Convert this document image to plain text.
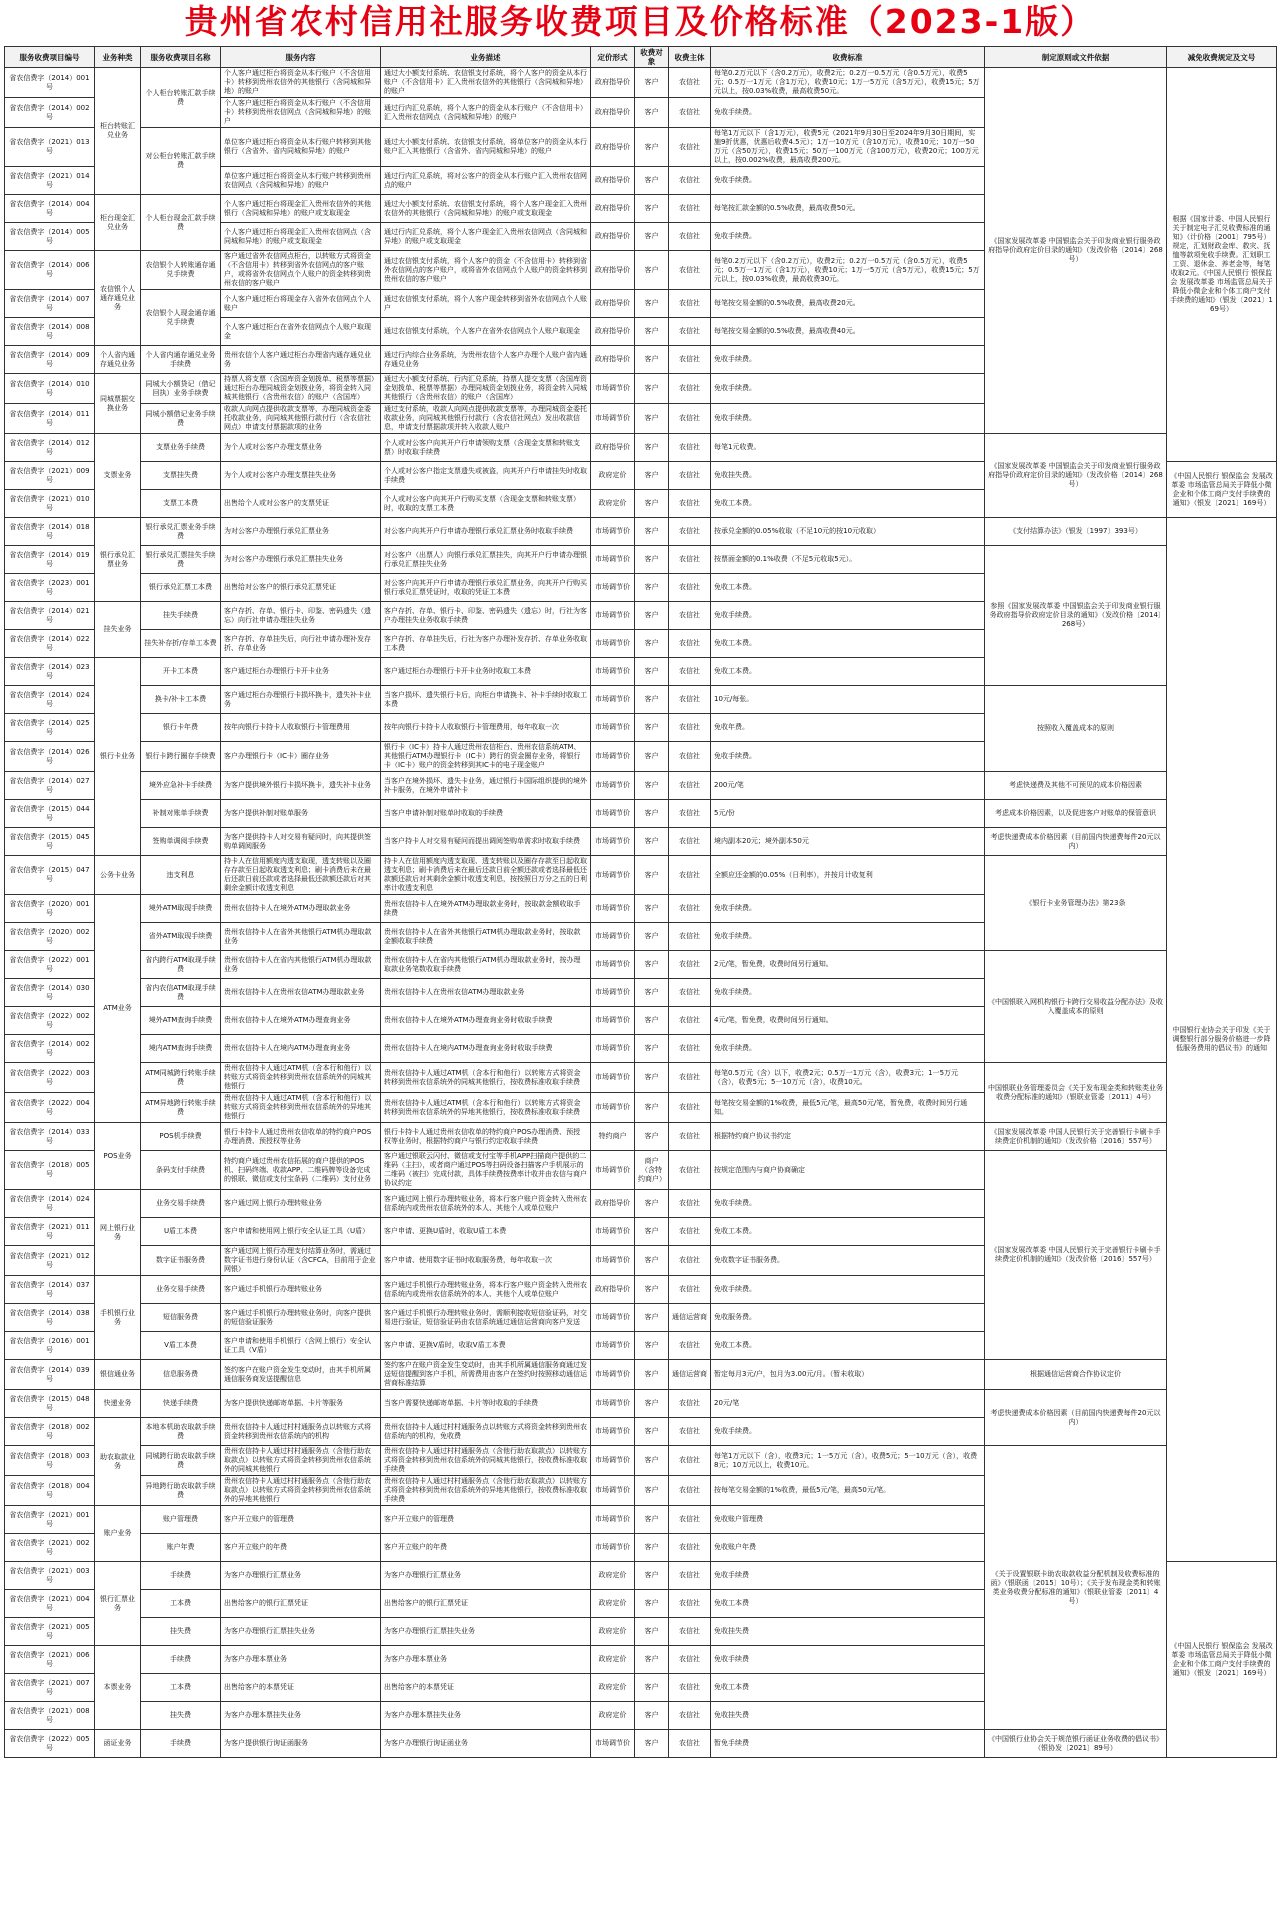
贵州省农村信用社服务收费项目及价格标准（2023-1版）
服务收费项目编号	业务种类	服务收费项目名称	服务内容	业务描述	定价形式	收费对象	收费主体	收费标准	制定原则或文件依据	减免收费规定及文号
省农信费字（2014）001号	柜台转账汇兑业务	个人柜台转账汇款手续费	个人客户通过柜台将资金从本行账户（不含信用卡）转移到贵州农信外的其他银行（含同城和异地）的账户	通过大小额支付系统、农信银支付系统，将个人客户的资金从本行账户（不含信用卡）汇入贵州农信外的其他银行（含同城和异地）的账户	政府指导价	客户	农信社	每笔0.2万元以下（含0.2万元），收费2元；0.2万一0.5万元（含0.5万元），收费5元；0.5万一1万元（含1万元），收费10元；1万一5万元（含5万元），收费15元；5万元以上，按0.03%收费，最高收费50元。	《国家发展改革委 中国银监会关于印发商业银行服务政府指导价政府定价目录的通知》（发改价格〔2014〕268号）	根据《国家计委、中国人民银行关于制定电子汇兑收费标准的通知》（计价格〔2001〕795号）规定，汇划财政金库、救灾、抚恤等款项免收手续费。汇划职工工资、退休金、养老金等，每笔收取2元。《中国人民银行 银保监会 发展改革委 市场监管总局关于降低小微企业和个体工商户支付手续费的通知》（银发〔2021〕169号）
省农信费字（2014）002号			个人客户通过柜台将资金从本行账户（不含信用卡）转移到贵州农信网点（含同城和异地）的账户	通过行内汇兑系统，将个人客户的资金从本行账户（不含信用卡）汇入贵州农信网点（含同城和异地）的账户	政府指导价	客户	农信社	免收手续费。		
省农信费字（2021）013号		对公柜台转账汇款手续费	单位客户通过柜台将资金从本行账户转移到其他银行（含省外、省内同城和异地）的账户	通过大小额支付系统、农信银支付系统，将单位客户的资金从本行账户汇入其他银行（含省外、省内同城和异地）的账户	政府指导价	客户	农信社	每笔1万元以下（含1万元），收费5元（2021年9月30日至2024年9月30日期间，实施9折优惠，优惠后收费4.5元）；1万一10万元（含10万元），收费10元；10万一50万元（含50万元），收费15元；50万一100万元（含100万元），收费20元；100万元以上，按0.002%收费，最高收费200元。		
省农信费字（2021）014号			单位客户通过柜台将资金从本行账户转移到贵州农信网点（含同城和异地）的账户	通过行内汇兑系统，将对公客户的资金从本行账户汇入贵州农信网点的账户	政府指导价	客户	农信社	免收手续费。		
省农信费字（2014）004号	柜台现金汇兑业务	个人柜台现金汇款手续费	个人客户通过柜台将现金汇入贵州农信外的其他银行（含同城和异地）的账户或支取现金	通过大小额支付系统、农信银支付系统，将个人客户现金汇入贵州农信外的其他银行（含同城和异地）的账户或支取现金	政府指导价	客户	农信社	每笔按汇款金额的0.5%收费，最高收费50元。		
省农信费字（2014）005号			个人客户通过柜台将现金汇入贵州农信网点（含同城和异地）的账户或支取现金	通过行内汇兑系统，将个人客户现金汇入贵州农信网点（含同城和异地）的账户或支取现金	政府指导价	客户	农信社	免收手续费。		
省农信费字（2014）006号	农信银个人通存通兑业务	农信银个人转账通存通兑手续费	客户通过省外农信网点柜台，以转账方式将资金（不含信用卡）转移到省外农信网点的客户账户，或将省外农信网点个人账户的资金转移到贵州农信的客户账户	通过农信银支付系统，将个人客户的资金（不含信用卡）转移到省外农信网点的客户账户，或将省外农信网点个人账户的资金转移到贵州农信的客户账户	政府指导价	客户	农信社	每笔0.2万元以下（含0.2万元），收费2元；0.2万一0.5万元（含0.5万元），收费5元；0.5万一1万元（含1万元），收费10元；1万一5万元（含5万元），收费15元；5万元以上，按0.03%收费，最高收费30元。		
省农信费字（2014）007号		农信银个人现金通存通兑手续费	个人客户通过柜台将现金存入省外农信网点个人账户	通过农信银支付系统，将个人客户现金转移到省外农信网点个人账户	政府指导价	客户	农信社	每笔按交易金额的0.5%收费，最高收费20元。		
省农信费字（2014）008号			个人客户通过柜台在省外农信网点个人账户取现金	通过农信银支付系统，个人客户在省外农信网点个人账户取现金	政府指导价	客户	农信社	每笔按交易金额的0.5%收费，最高收费40元。		
省农信费字（2014）009号	个人省内通存通兑业务	个人省内通存通兑业务手续费	贵州农信个人客户通过柜台办理省内通存通兑业务	通过行内综合业务系统，为贵州农信个人客户办理个人账户省内通存通兑业务	政府指导价	客户	农信社	免收手续费。		
省农信费字（2014）010号	同城票据交换业务	同城大小额贷记（借记回执）业务手续费	持票人将支票（含国库资金划拨单、税票等票据）通过柜台办理同城资金划拨业务，将资金转入同城其他银行（含贵州农信）的账户（含国库）	通过大小额支付系统、行内汇兑系统，持票人提交支票（含国库资金划拨单、税票等票据）办理同城资金划拨业务，将资金转入同城其他银行（含贵州农信）的账户（含国库）	市场调节价	客户	农信社	免收手续费。		
省农信费字（2014）011号		同城小额借记业务手续费	收款人向网点提供收款支票等，办理同城资金委托收款业务，向同城其他银行款付行（含农信社网点）申请支付票据款项的业务	通过支付系统，收款人向网点提供收款支票等，办理同城资金委托收款业务，向同城其他银行付款行（含农信社网点）发出收款信息，申请支付票据款项并转入收款人账户	市场调节价	客户	农信社	免收手续费。		
省农信费字（2014）012号	支票业务	支票业务手续费	为个人或对公客户办理支票业务	个人或对公客户向其开户行申请领购支票（含现金支票和转账支票）时收取手续费	政府指导价	客户	农信社	每笔1元收费。	《国家发展改革委 中国银监会关于印发商业银行服务政府指导价政府定价目录的通知》（发改价格〔2014〕268号）	
省农信费字（2021）009号		支票挂失费	为个人或对公客户办理支票挂失业务	个人或对公客户指定支票遗失或被盗，向其开户行申请挂失时收取手续费	政府定价	客户	农信社	免收挂失费。		《中国人民银行 银保监会 发展改革委 市场监管总局关于降低小微企业和个体工商户支付手续费的通知》（银发〔2021〕169号）
省农信费字（2021）010号		支票工本费	出售给个人或对公客户的支票凭证	个人或对公客户向其开户行购买支票（含现金支票和转账支票）时，收取的支票工本费	政府定价	客户	农信社	免收工本费。		
省农信费字（2014）018号	银行承兑汇票业务	银行承兑汇票业务手续费	为对公客户办理银行承兑汇票业务	对公客户向其开户行申请办理银行承兑汇票业务时收取手续费	市场调节价	客户	农信社	按承兑金额的0.05%收取（不足10元的按10元收取）	《支付结算办法》（银发〔1997〕393号）	中国银行业协会关于印发《关于调整银行部分服务价格进一步降低服务费用的倡议书》的通知
省农信费字（2014）019号		银行承兑汇票挂失手续费	为对公客户办理银行承兑汇票挂失业务	对公客户（出票人）向银行承兑汇票挂失，向其开户行申请办理银行承兑汇票挂失业务	市场调节价	客户	农信社	按票面金额的0.1%收费（不足5元收取5元）。	参照《国家发展改革委 中国银监会关于印发商业银行服务政府指导价政府定价目录的通知》（发改价格〔2014〕268号）	
省农信费字（2023）001号		银行承兑汇票工本费	出售给对公客户的银行承兑汇票凭证	对公客户向其开户行申请办理银行承兑汇票业务，向其开户行购买银行承兑汇票凭证时，收取的凭证工本费	市场调节价	客户	农信社	免收工本费。		
省农信费字（2014）021号	挂失业务	挂失手续费	客户存折、存单、银行卡、印鉴、密码遗失（遗忘）向行社申请办理挂失业务	客户存折、存单、银行卡、印鉴、密码遗失（遗忘）时，行社为客户办理挂失业务收取手续费	市场调节价	客户	农信社	免收手续费。		
省农信费字（2014）022号		挂失补存折/存单工本费	客户存折、存单挂失后，向行社申请办理补发存折、存单业务	客户存折、存单挂失后，行社为客户办理补发存折、存单业务收取工本费	市场调节价	客户	农信社	免收工本费。		
省农信费字（2014）023号	银行卡业务	开卡工本费	客户通过柜台办理银行卡开卡业务	客户通过柜台办理银行卡开卡业务时收取工本费	市场调节价	客户	农信社	免收工本费。		
省农信费字（2014）024号		换卡/补卡工本费	客户通过柜台办理银行卡损坏换卡，遗失补卡业务	当客户损坏、遗失银行卡后，向柜台申请换卡、补卡手续时收取工本费	市场调节价	客户	农信社	10元/每张。	按照收入覆盖成本的原则	
省农信费字（2014）025号		银行卡年费	按年向银行卡持卡人收取银行卡管理费用	按年向银行卡持卡人收取银行卡管理费用，每年收取一次	市场调节价	客户	农信社	免收年费。		
省农信费字（2014）026号		银行卡跨行圈存手续费	客户办理银行卡（IC卡）圈存业务	银行卡（IC卡）持卡人通过贵州农信柜台、贵州农信系统ATM、其他银行ATM办理银行卡（IC卡）跨行的资金圈存业务，将银行卡（IC卡）账户的资金转移到其IC卡的电子现金账户	市场调节价	客户	农信社	免收手续费。		
省农信费字（2014）027号		境外应急补卡手续费	为客户提供境外银行卡损坏换卡，遗失补卡业务	当客户在境外损坏、遗失卡业务，通过银行卡国际组织提供的境外补卡服务，在境外申请补卡	市场调节价	客户	农信社	200元/笔	考虑快递费及其他不可预见的成本价格因素	
省农信费字（2015）044号		补制对账单手续费	为客户提供补制对账单服务	当客户申请补制对账单时收取的手续费	市场调节价	客户	农信社	5元/份	考虑成本价格因素，以及促进客户对账单的保管意识	
省农信费字（2015）045号		签购单调阅手续费	为客户提供持卡人对交易有疑问时，向其提供签购单调阅服务	当客户持卡人对交易有疑问而提出调阅签购单需求时收取手续费	市场调节价	客户	农信社	境内副本20元；境外副本50元	考虑快递费成本价格因素（目前国内快递费每件20元以内）	
省农信费字（2015）047号	公务卡业务	违支利息	持卡人在信用额度内透支取现，透支转账以及圈存存款至日起收取透支利息；刷卡消费后未在最后还款日前还款或者选择最低还款额还款后对其剩余金额计收透支利息	持卡人在信用额度内透支取现、透支转账以及圈存存款至日起收取透支利息；刷卡消费后未在最后还款日前全额还款或者选择最低还款额还款后对其剩余金额计收透支利息，按按照日万分之五的日利率计收透支利息	市场调节价	客户	农信社	全额应还金额的0.05%（日利率），并按月计收复利	《银行卡业务管理办法》第23条	
省农信费字（2020）001号	ATM业务	境外ATM取现手续费	贵州农信持卡人在境外ATM办理取款业务	贵州农信持卡人在境外ATM办理取款业务时，按取款金额收取手续费	市场调节价	客户	农信社	免收手续费。		
省农信费字（2020）002号		省外ATM取现手续费	贵州农信持卡人在省外其他银行ATM机办理取款业务	贵州农信持卡人在省外其他银行ATM机办理取款业务时，按取款金额收取手续费	市场调节价	客户	农信社	免收手续费。		
省农信费字（2022）001号		省内跨行ATM取现手续费	贵州农信持卡人在省内其他银行ATM机办理取款业务	贵州农信持卡人在省内其他银行ATM机办理取款业务时，按办理取款业务笔数收取手续费	市场调节价	客户	农信社	2元/笔，暂免费，收费时间另行通知。	《中国银联入网机构银行卡跨行交易收益分配办法》及收入覆盖成本的原则	
省农信费字（2014）030号		省内农信ATM取现手续费	贵州农信持卡人在贵州农信ATM办理取款业务	贵州农信持卡人在贵州农信ATM办理取款业务	市场调节价	客户	农信社	免收手续费。		
省农信费字（2022）002号		境外ATM查询手续费	贵州农信持卡人在境外ATM办理查询业务	贵州农信持卡人在境外ATM办理查询业务时收取手续费	市场调节价	客户	农信社	4元/笔，暂免费，收费时间另行通知。		
省农信费字（2014）002号		境内ATM查询手续费	贵州农信持卡人在境内ATM办理查询业务	贵州农信持卡人在境内ATM办理查询业务时收取手续费	市场调节价	客户	农信社	免收手续费。		
省农信费字（2022）003号		ATM同城跨行转账手续费	贵州农信持卡人通过ATM机（含本行和他行）以转账方式将资金转移到贵州农信系统外的同城其他银行	贵州农信持卡人通过ATM机（含本行和他行）以转账方式将资金转移到贵州农信系统外的同城其他银行，按收费标准收取手续费	市场调节价	客户	农信社	每笔0.5万元（含）以下，收费2元；0.5万一1万元（含），收费3元；1一5万元（含），收费5元；5一10万元（含），收费10元。	中国银联业务管理委员会《关于发布现金类和转账类业务收费分配标准的通知》（银联业管委〔2011〕4号）	
省农信费字（2022）004号		ATM异地跨行转账手续费	贵州农信持卡人通过ATM机（含本行和他行）以转账方式将资金转移到贵州农信系统外的异地其他银行	贵州农信持卡人通过ATM机（含本行和他行）以转账方式将资金转移到贵州农信系统外的异地其他银行，按收费标准收取手续费	市场调节价	客户	农信社	每笔按交易金额的1%收费，最低5元/笔，最高50元/笔，暂免费，收费时间另行通知。		
省农信费字（2014）033号	POS业务	POS机手续费	银行卡持卡人通过贵州农信收单的特约商户POS办理消费、预授权等业务	银行卡持卡人通过贵州农信收单的特约商户POS办理消费、预授权等业务时，根据特约商户与银行约定收取手续费	特约商户	客户	农信社	根据特约商户协议书约定	《国家发展改革委 中国人民银行关于完善银行卡刷卡手续费定价机制的通知》（发改价格〔2016〕557号）	
省农信费字（2018）005号		条码支付手续费	特约商户通过贵州农信拓展的商户提供的POS机、扫码终端、收款APP、二维码牌等设备完成的银联、微信或支付宝条码（二维码）支付业务	客户通过银联云闪付、微信或支付宝等手机APP扫描商户提供的二维码（主扫），或者商户通过POS等扫码设备扫描客户手机展示的二维码（被扫）完成付款，具体手续费按费率计收并由农信与商户协议约定	市场调节价	商户（含特约商户）	农信社	按规定范围内与商户协商确定	《国家发展改革委 中国人民银行关于完善银行卡刷卡手续费定价机制的通知》（发改价格〔2016〕557号）	
省农信费字（2014）024号	网上银行业务	业务交易手续费	客户通过网上银行办理转账业务	客户通过网上银行办理转账业务，将本行客户账户资金转入贵州农信系统内或贵州农信系统外的本人、其他个人或单位账户	政府指导价	客户	农信社	免收手续费。		
省农信费字（2021）011号		U盾工本费	客户申请和使用网上银行安全认证工具（U盾）	客户申请、更换U盾时，收取U盾工本费	市场调节价	客户	农信社	免收工本费。		
省农信费字（2021）012号		数字证书服务费	客户通过网上银行办理支付结算业务时，需通过数字证书进行身份认证（含CFCA，目前用于企业网银）	客户申请、使用数字证书时收取服务费，每年收取一次	市场调节价	客户	农信社	免收数字证书服务费。		
省农信费字（2014）037号	手机银行业务	业务交易手续费	客户通过手机银行办理转账业务	客户通过手机银行办理转账业务，将本行客户账户资金转入贵州农信系统内或贵州农信系统外的本人、其他个人或单位账户	政府指导价	客户	农信社	免收手续费。		
省农信费字（2014）038号		短信服务费	客户通过手机银行办理转账业务时，向客户提供的短信验证服务	客户通过手机银行办理转账业务时，需顺利接收短信验证码，对交易进行验证，短信验证码由农信系统通过通信运营商向客户发送	市场调节价	客户	通信运营商	免收服务费。		
省农信费字（2016）001号		V盾工本费	客户申请和使用手机银行（含网上银行）安全认证工具（V盾）	客户申请、更换V盾时，收取V盾工本费	市场调节价	客户	农信社	免收工本费。		
省农信费字（2014）039号	银信通业务	信息服务费	签约客户在账户资金发生变动时，由其手机所属通信服务商发送提醒信息	签约客户在账户资金发生变动时，由其手机所属通信服务商通过发送短信提醒到客户手机，所需费用由客户在签约时按照移动通信运营商标准结算	市场调节价	客户	通信运营商	暂定每月3元/户，包月为3.00元/月。（暂未收取）	根据通信运营商合作协议定价	
省农信费字（2015）048号	快递业务	快递手续费	为客户提供快递邮寄单据、卡片等服务	当客户需要快递邮寄单据、卡片等时收取的手续费	市场调节价	客户	农信社	20元/笔	考虑快递费成本价格因素（目前国内快递费每件20元以内）	
省农信费字（2018）002号	助农取款业务	本地本机助农取款手续费	贵州农信持卡人通过村村通服务点以转账方式将资金转移到贵州农信系统内的机构	贵州农信持卡人通过村村通服务点以转账方式将资金转移到贵州农信系统内的机构，免收费	市场调节价	客户	农信社	免收手续费。		
省农信费字（2018）003号		同城跨行助农取款手续费	贵州农信持卡人通过村村通服务点（含他行助农取款点）以转账方式将资金转移到贵州农信系统外的同城其他银行	贵州农信持卡人通过村村通服务点（含他行助农取款点）以转账方式将资金转移到贵州农信系统外的同城其他银行，按收费标准收取手续费	市场调节价	客户	农信社	每笔1万元以下（含），收费3元；1一5万元（含），收费5元；5一10万元（含），收费8元；10万元以上，收费10元。	《关于设置银联卡助农取款收益分配机制及收费标准的函》（银联函〔2015〕10号）；《关于发布现金类和转账类业务收费分配标准的通知》（银联业管委〔2011〕4号）	
省农信费字（2018）004号		异地跨行助农取款手续费	贵州农信持卡人通过村村通服务点（含他行助农取款点）以转账方式将资金转移到贵州农信系统外的异地其他银行	贵州农信持卡人通过村村通服务点（含他行助农取款点）以转账方式将资金转移到贵州农信系统外的异地其他银行，按收费标准收取手续费	市场调节价	客户	农信社	按每笔交易金额的1%收费，最低5元/笔，最高50元/笔。		
省农信费字（2021）001号	账户业务	账户管理费	客户开立账户的管理费	客户开立账户的管理费	市场调节价	客户	农信社	免收账户管理费		
省农信费字（2021）002号		账户年费	客户开立账户的年费	客户开立账户的年费	市场调节价	客户	农信社	免收账户年费		
省农信费字（2021）003号	银行汇票业务	手续费	为客户办理银行汇票业务	为客户办理银行汇票业务	政府定价	客户	农信社	免收手续费		《中国人民银行 银保监会 发展改革委 市场监管总局关于降低小微企业和个体工商户支付手续费的通知》（银发〔2021〕169号）
省农信费字（2021）004号		工本费	出售给客户的银行汇票凭证	出售给客户的银行汇票凭证	政府定价	客户	农信社	免收工本费		
省农信费字（2021）005号		挂失费	为客户办理银行汇票挂失业务	为客户办理银行汇票挂失业务	政府定价	客户	农信社	免收挂失费		
省农信费字（2021）006号	本票业务	手续费	为客户办理本票业务	为客户办理本票业务	政府定价	客户	农信社	免收手续费		
省农信费字（2021）007号		工本费	出售给客户的本票凭证	出售给客户的本票凭证	政府定价	客户	农信社	免收工本费		
省农信费字（2021）008号		挂失费	为客户办理本票挂失业务	为客户办理本票挂失业务	政府定价	客户	农信社	免收挂失费		
省农信费字（2022）005号	函证业务	手续费	为客户提供银行询证函服务	为客户办理银行询证函业务	市场调节价	客户	农信社	暂免手续费	《中国银行业协会关于规范银行函证业务收费的倡议书》（银协发〔2021〕89号）	
